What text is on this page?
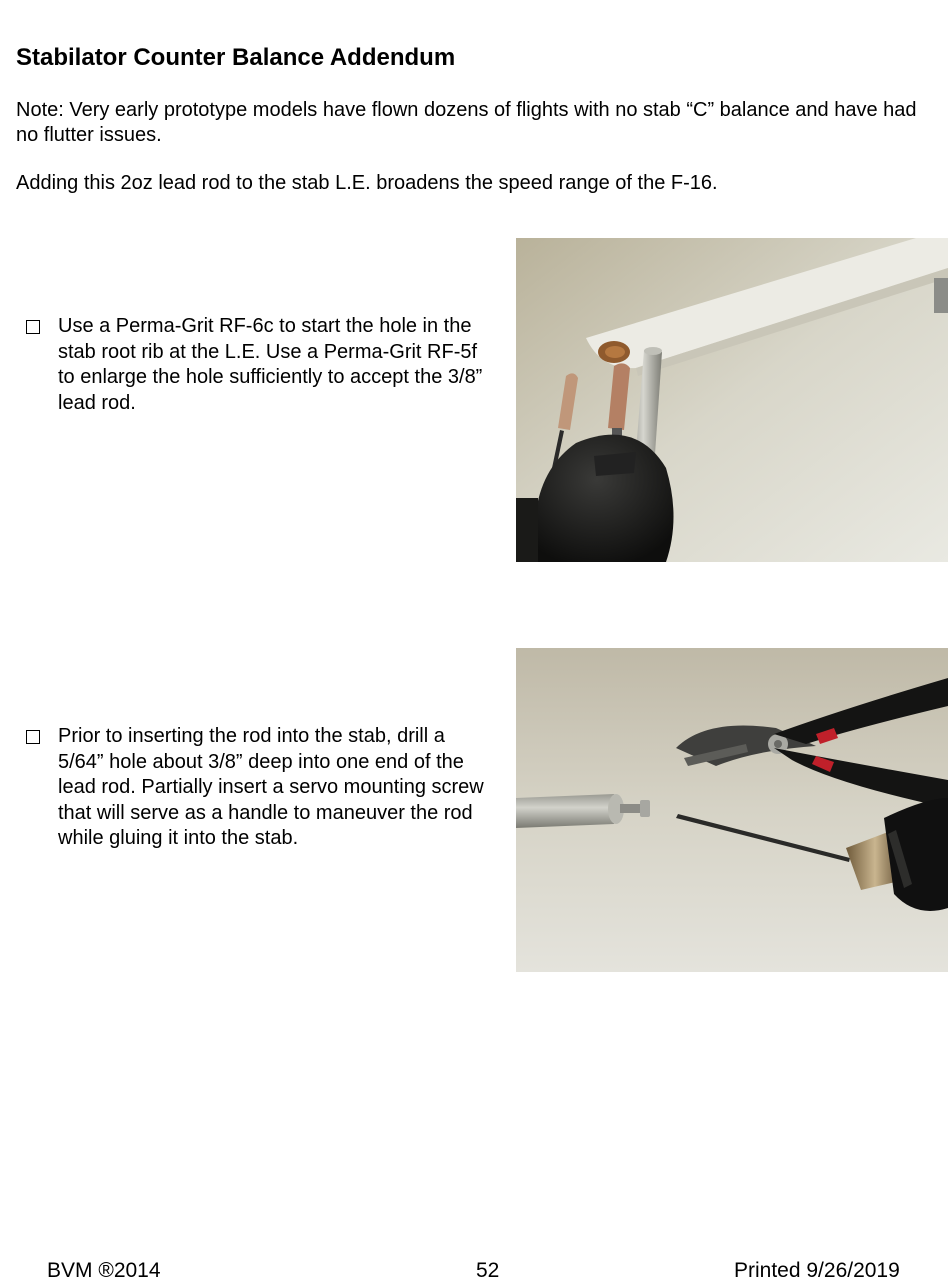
Stabilator Counter Balance Addendum

Note: Very early prototype models have flown dozens of flights with no stab “C” balance and have had no flutter issues.

Adding this 2oz lead rod to the stab L.E. broadens the speed range of the F-16.

Use a Perma-Grit RF-6c to start the hole in the stab root rib at the L.E. Use a Perma-Grit RF-5f to enlarge the hole sufficiently to accept the 3/8” lead rod.

Prior to inserting the rod into the stab, drill a 5/64” hole about 3/8” deep into one end of the lead rod. Partially insert a servo mounting screw that will serve as a handle to maneuver the rod while gluing it into the stab.

BVM ®2014	52	Printed 9/26/2019
